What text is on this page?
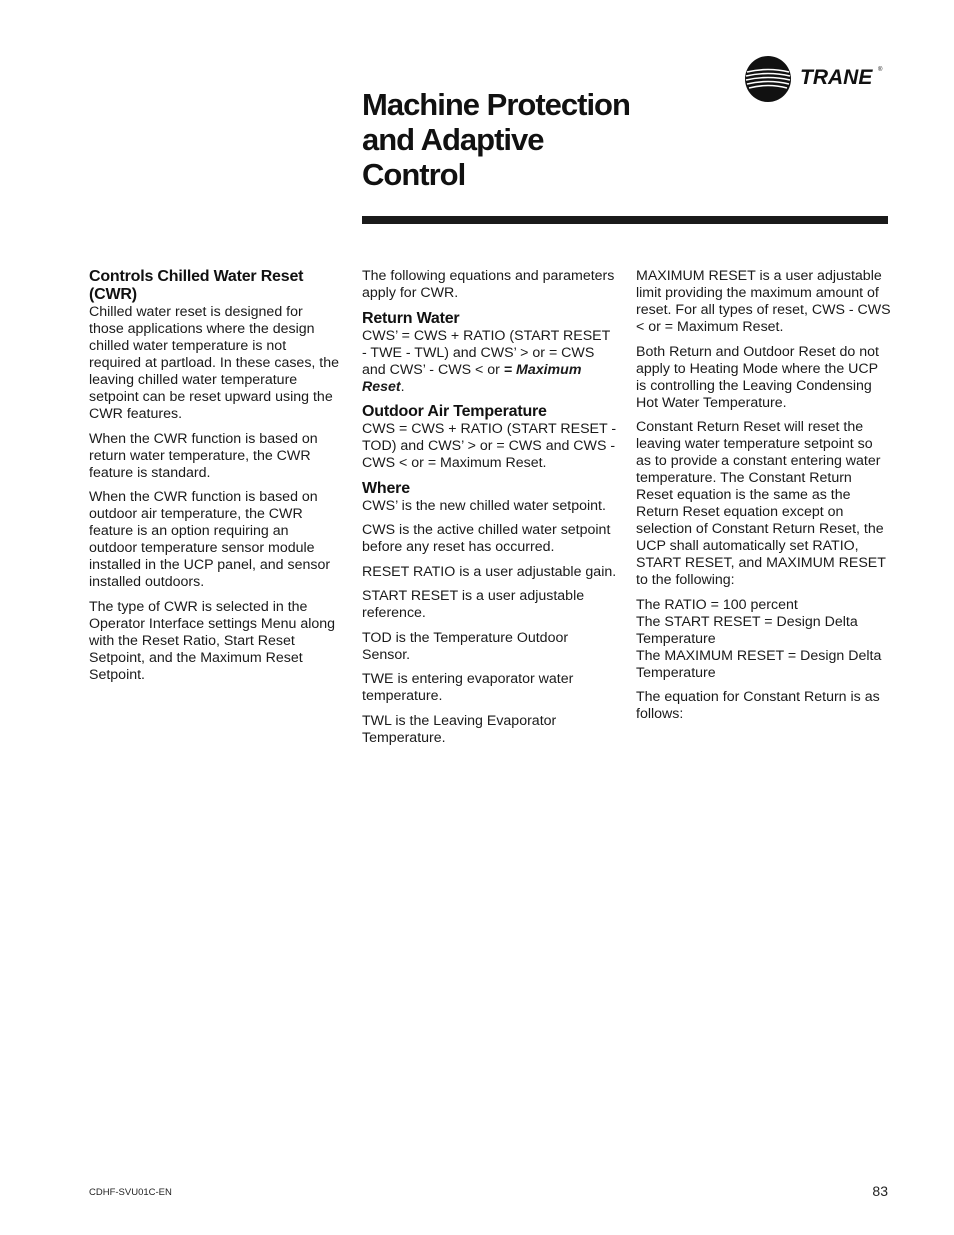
TRANE ®
Machine Protection
and Adaptive
Control
Controls Chilled Water Reset (CWR)

Chilled water reset is designed for those applications where the design chilled water temperature is not required at partload. In these cases, the leaving chilled water temperature setpoint can be reset upward using the CWR features.

When the CWR function is based on return water temperature, the CWR feature is standard.

When the CWR function is based on outdoor air temperature, the CWR feature is an option requiring an outdoor temperature sensor module installed in the UCP panel, and sensor installed outdoors.

The type of CWR is selected in the Operator Interface settings Menu along with the Reset Ratio, Start Reset Setpoint, and the Maximum Reset Setpoint.

The following equations and parameters apply for CWR.

Return Water

CWS’ = CWS + RATIO (START RESET - TWE - TWL) and CWS’ > or = CWS and CWS’ - CWS < or = Maximum Reset.

Outdoor Air Temperature

CWS = CWS + RATIO (START RESET - TOD) and CWS’ > or = CWS and CWS - CWS < or = Maximum Reset.

Where

CWS’ is the new chilled water setpoint.

CWS is the active chilled water setpoint before any reset has occurred.

RESET RATIO is a user adjustable gain.

START RESET is a user adjustable reference.

TOD is the Temperature Outdoor Sensor.

TWE is entering evaporator water temperature.

TWL is the Leaving Evaporator Temperature.

MAXIMUM RESET is a user adjustable limit providing the maximum amount of reset. For all types of reset, CWS - CWS < or = Maximum Reset.

Both Return and Outdoor Reset do not apply to Heating Mode where the UCP is controlling the Leaving Condensing Hot Water Temperature.

Constant Return Reset will reset the leaving water temperature setpoint so as to provide a constant entering water temperature. The Constant Return Reset equation is the same as the Return Reset equation except on selection of Constant Return Reset, the UCP shall automatically set RATIO, START RESET, and MAXIMUM RESET to the following:

The RATIO = 100 percent
The START RESET = Design Delta Temperature
The MAXIMUM RESET = Design Delta Temperature

The equation for Constant Return is as follows:

CDHF-SVU01C-EN	83
